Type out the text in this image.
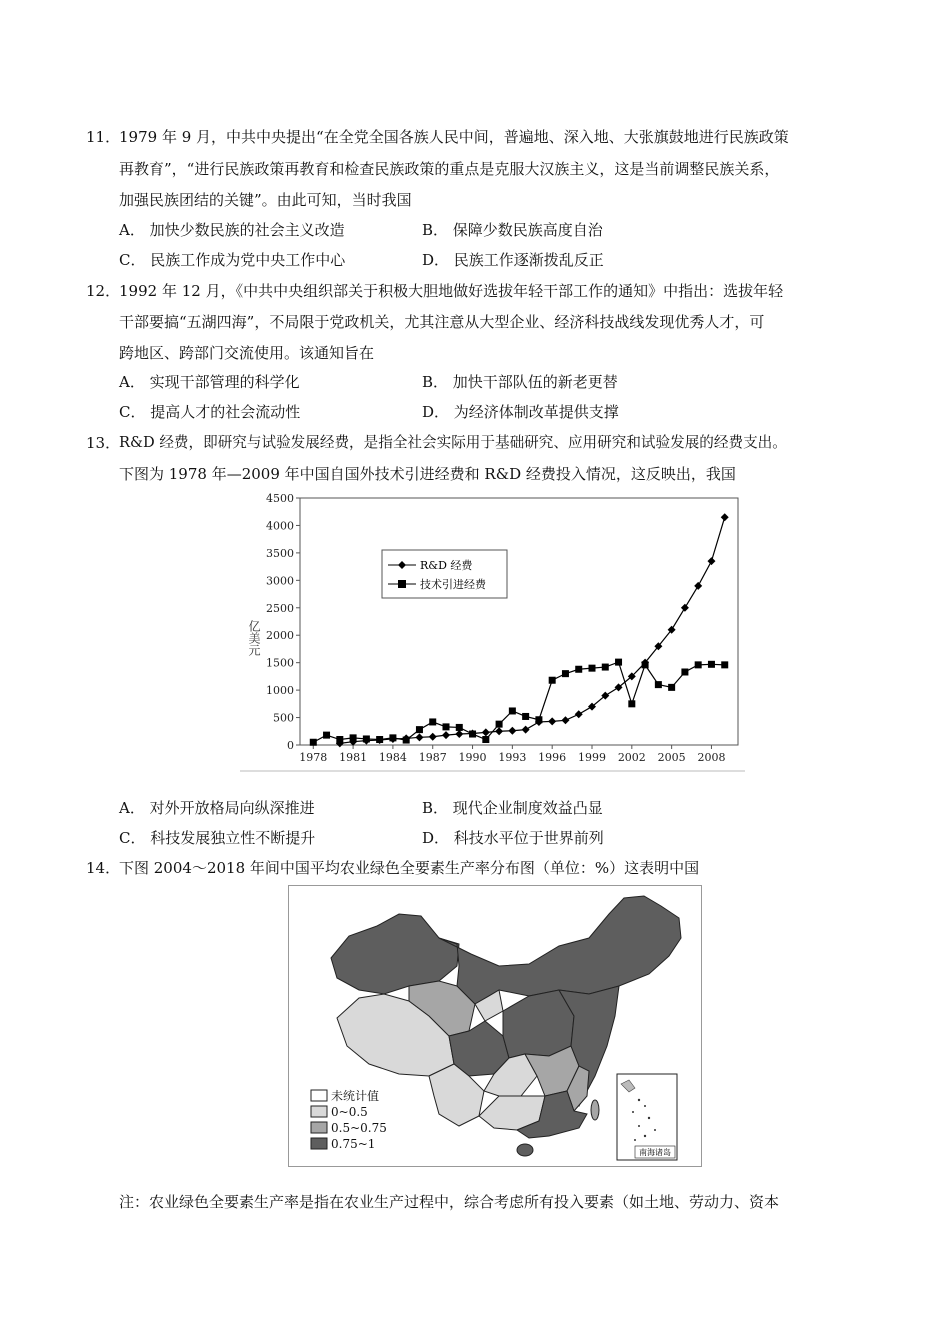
11．
1979 年 9 月，中共中央提出“在全党全国各族人民中间，普遍地、深入地、大张旗鼓地进行民族政策
再教育”，“进行民族政策再教育和检查民族政策的重点是克服大汉族主义，这是当前调整民族关系，
加强民族团结的关键”。由此可知，当时我国
A． 加快少数民族的社会主义改造	B． 保障少数民族高度自治
C． 民族工作成为党中央工作中心	D． 民族工作逐渐拨乱反正
12．
1992 年 12 月，《中共中央组织部关于积极大胆地做好选拔年轻干部工作的通知》中指出：选拔年轻
干部要搞“五湖四海”，不局限于党政机关，尤其注意从大型企业、经济科技战线发现优秀人才，可
跨地区、跨部门交流使用。该通知旨在
A． 实现干部管理的科学化	B． 加快干部队伍的新老更替
C． 提高人才的社会流动性	D． 为经济体制改革提供支撑
13．
R&D 经费，即研究与试验发展经费，是指全社会实际用于基础研究、应用研究和试验发展的经费支出。
下图为 1978 年—2009 年中国自国外技术引进经费和 R&D 经费投入情况，这反映出，我国
亿美元
0
500
1000
1500
2000
2500
3000
3500
4000
4500
1978 1981 1984 1987 1990 1993 1996 1999 2002 2005 2008
R&D 经费
技术引进经费
A． 对外开放格局向纵深推进	B． 现代企业制度效益凸显
C． 科技发展独立性不断提升	D． 科技水平位于世界前列
14．
下图 2004～2018 年间中国平均农业绿色全要素生产率分布图（单位：%）这表明中国
未统计值
0~0.5
0.5~0.75
0.75~1
南海诸岛
注：农业绿色全要素生产率是指在农业生产过程中，综合考虑所有投入要素（如土地、劳动力、资本
